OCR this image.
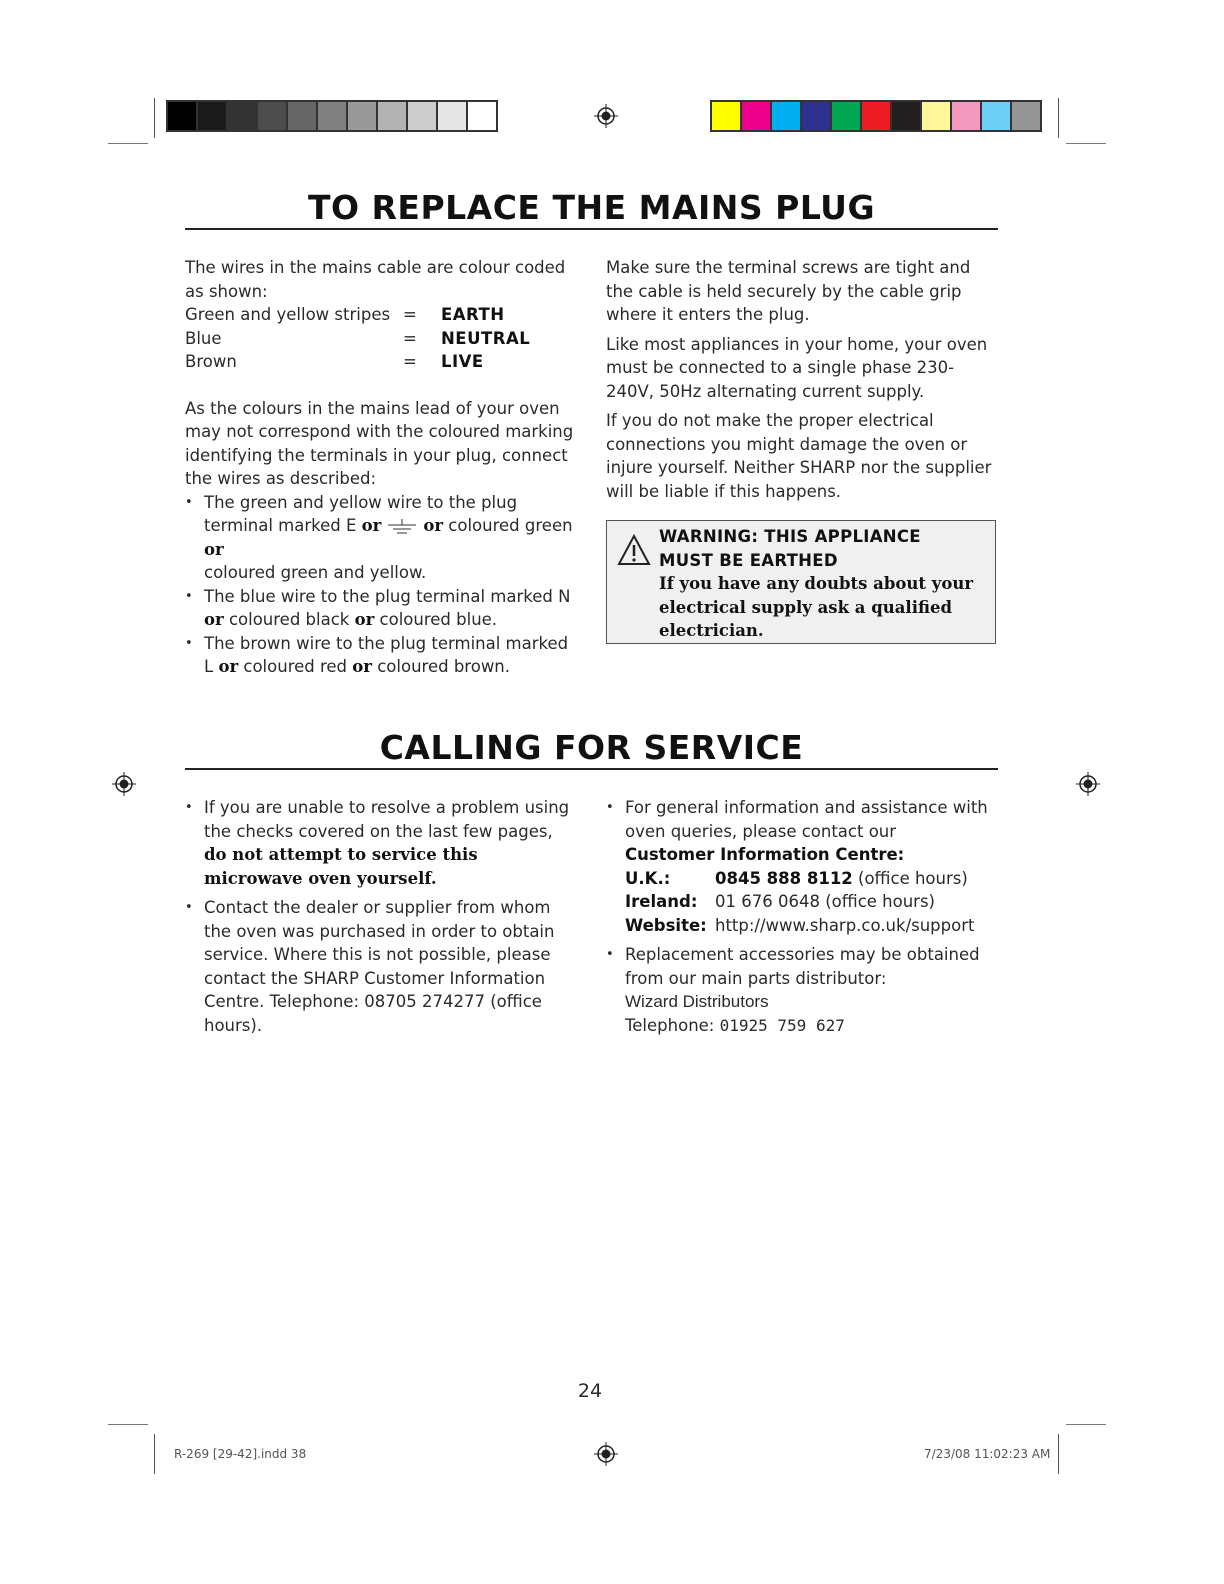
TO REPLACE THE MAINS PLUG

The wires in the mains cable are colour coded as shown:

Green and yellow stripes =	EARTH
Blue	=	NEUTRAL
Brown	=	LIVE

As the colours in the mains lead of your oven may not correspond with the coloured marking identifying the terminals in your plug, connect the wires as described:

• The green and yellow wire to the plug terminal marked E or	or coloured green or
coloured green and yellow.
• The blue wire to the plug terminal marked N or coloured black or coloured blue.
• The brown wire to the plug terminal marked L or coloured red or coloured brown.

Make sure the terminal screws are tight and the cable is held securely by the cable grip where it enters the plug.

Like most appliances in your home, your oven must be connected to a single phase 230-240V, 50Hz alternating current supply.

If you do not make the proper electrical connections you might damage the oven or injure yourself. Neither SHARP nor the supplier will be liable if this happens.

WARNING: THIS APPLIANCE
MUST BE EARTHED
If you have any doubts about your electrical supply ask a qualified electrician.
CALLING FOR SERVICE
• If you are unable to resolve a problem using the checks covered on the last few pages, do not attempt to service this microwave oven yourself.
• Contact the dealer or supplier from whom the oven was purchased in order to obtain service. Where this is not possible, please contact the SHARP Customer Information Centre. Telephone: 08705 274277 (office hours).
• For general information and assistance with oven queries, please contact our
Customer Information Centre:
U.K.:	0845 888 8112 (office hours)
Ireland:	01 676 0648 (office hours)
Website: http://www.sharp.co.uk/support
• Replacement accessories may be obtained from our main parts distributor:
Wizard Distributors
Telephone: 01925 759 627
24
R-269 [29-42].indd 38	7/23/08 11:02:23 AM
